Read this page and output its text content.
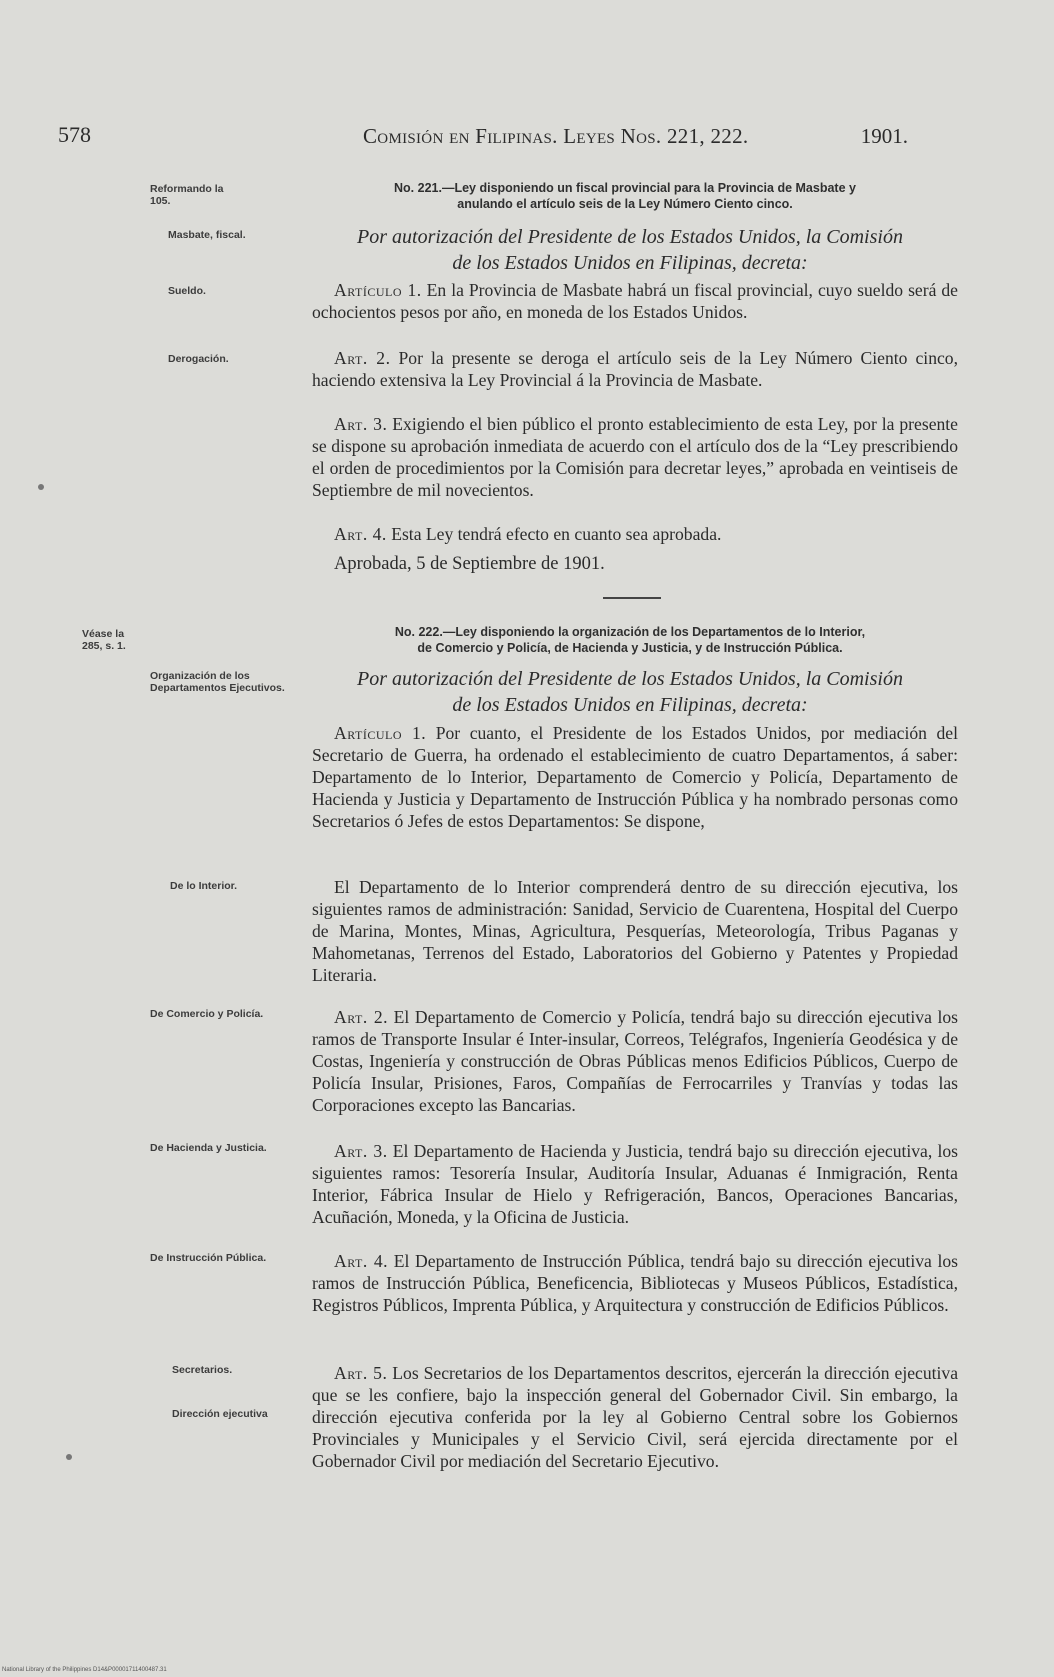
578	Comisión en Filipinas. Leyes Nos. 221, 222.	1901.
Reformando la
105.
No. 221.—Ley disponiendo un fiscal provincial para la Provincia de Masbate y
anulando el artículo seis de la Ley Número Ciento cinco.
Masbate, fiscal.	Por autorización del Presidente de los Estados Unidos, la Comisión
de los Estados Unidos en Filipinas, decreta:
Sueldo.	Artículo 1. En la Provincia de Masbate habrá un fiscal provincial, cuyo sueldo será de ochocientos pesos por año, en moneda de los Estados Unidos.
Derogación.	Art. 2. Por la presente se deroga el artículo seis de la Ley Número Ciento cinco, haciendo extensiva la Ley Provincial á la Provincia de Masbate.
Art. 3. Exigiendo el bien público el pronto establecimiento de esta Ley, por la presente se dispone su aprobación inmediata de acuerdo con el artículo dos de la “Ley prescribiendo el orden de procedimientos por la Comisión para decretar leyes,” aprobada en veintiseis de Septiembre de mil novecientos.
Art. 4. Esta Ley tendrá efecto en cuanto sea aprobada.
Aprobada, 5 de Septiembre de 1901.
Véase la
285, s. 1.
No. 222.—Ley disponiendo la organización de los Departamentos de lo Interior,
de Comercio y Policía, de Hacienda y Justicia, y de Instrucción Pública.
Organización de los Departamentos Ejecutivos.	Por autorización del Presidente de los Estados Unidos, la Comisión
de los Estados Unidos en Filipinas, decreta:
Artículo 1. Por cuanto, el Presidente de los Estados Unidos, por mediación del Secretario de Guerra, ha ordenado el establecimiento de cuatro Departamentos, á saber: Departamento de lo Interior, Departamento de Comercio y Policía, Departamento de Hacienda y Justicia y Departamento de Instrucción Pública y ha nombrado personas como Secretarios ó Jefes de estos Departamentos: Se dispone,
De lo Interior.	El Departamento de lo Interior comprenderá dentro de su dirección ejecutiva, los siguientes ramos de administración: Sanidad, Servicio de Cuarentena, Hospital del Cuerpo de Marina, Montes, Minas, Agricultura, Pesquerías, Meteorología, Tribus Paganas y Mahometanas, Terrenos del Estado, Laboratorios del Gobierno y Patentes y Propiedad Literaria.
De Comercio y Policía.	Art. 2. El Departamento de Comercio y Policía, tendrá bajo su dirección ejecutiva los ramos de Transporte Insular é Inter-insular, Correos, Telégrafos, Ingeniería Geodésica y de Costas, Ingeniería y construcción de Obras Públicas menos Edificios Públicos, Cuerpo de Policía Insular, Prisiones, Faros, Compañías de Ferrocarriles y Tranvías y todas las Corporaciones excepto las Bancarias.
De Hacienda y Justicia.	Art. 3. El Departamento de Hacienda y Justicia, tendrá bajo su dirección ejecutiva, los siguientes ramos: Tesorería Insular, Auditoría Insular, Aduanas é Inmigración, Renta Interior, Fábrica Insular de Hielo y Refrigeración, Bancos, Operaciones Bancarias, Acuñación, Moneda, y la Oficina de Justicia.
De Instrucción Pública.	Art. 4. El Departamento de Instrucción Pública, tendrá bajo su dirección ejecutiva los ramos de Instrucción Pública, Beneficencia, Bibliotecas y Museos Públicos, Estadística, Registros Públicos, Imprenta Pública, y Arquitectura y construcción de Edificios Públicos.
Secretarios.
Dirección ejecutiva
Art. 5. Los Secretarios de los Departamentos descritos, ejercerán la dirección ejecutiva que se les confiere, bajo la inspección general del Gobernador Civil. Sin embargo, la dirección ejecutiva conferida por la ley al Gobierno Central sobre los Gobiernos Provinciales y Municipales y el Servicio Civil, será ejercida directamente por el Gobernador Civil por mediación del Secretario Ejecutivo.
National Library of the Philippines D14&P00001711400487.31
